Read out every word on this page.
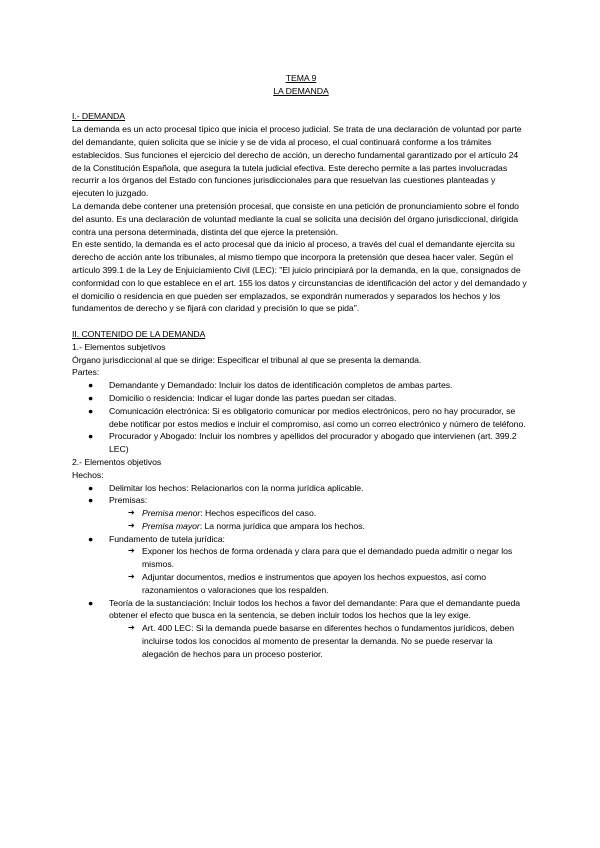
TEMA 9
LA DEMANDA
I.- DEMANDA

La demanda es un acto procesal típico que inicia el proceso judicial. Se trata de una declaración de voluntad por parte del demandante, quien solicita que se inicie y se de vida al proceso, el cual continuará conforme a los trámites establecidos. Sus funciones el ejercicio del derecho de acción, un derecho fundamental garantizado por el artículo 24 de la Constitución Española, que asegura la tutela judicial efectiva. Este derecho permite a las partes involucradas recurrir a los órganos del Estado con funciones jurisdiccionales para que resuelvan las cuestiones planteadas y ejecuten lo juzgado.

La demanda debe contener una pretensión procesal, que consiste en una petición de pronunciamiento sobre el fondo del asunto. Es una declaración de voluntad mediante la cual se solicita una decisión del órgano jurisdiccional, dirigida contra una persona determinada, distinta del que ejerce la pretensión.

En este sentido, la demanda es el acto procesal que da inicio al proceso, a través del cual el demandante ejercita su derecho de acción ante los tribunales, al mismo tiempo que incorpora la pretensión que desea hacer valer. Según el artículo 399.1 de la Ley de Enjuiciamiento Civil (LEC): "El juicio principiará por la demanda, en la que, consignados de conformidad con lo que establece en el art. 155 los datos y circunstancias de identificación del actor y del demandado y el domicilio o residencia en que pueden ser emplazados, se expondrán numerados y separados los hechos y los fundamentos de derecho y se fijará con claridad y precisión lo que se pida".

II. CONTENIDO DE LA DEMANDA
1.- Elementos subjetivos
Órgano jurisdiccional al que se dirige: Especificar el tribunal al que se presenta la demanda.
Partes:
● Demandante y Demandado: Incluir los datos de identificación completos de ambas partes.
● Domicilio o residencia: Indicar el lugar donde las partes puedan ser citadas.
● Comunicación electrónica: Si es obligatorio comunicar por medios electrónicos, pero no hay procurador, se debe notificar por estos medios e incluir el compromiso, así como un correo electrónico y número de teléfono.
● Procurador y Abogado: Incluir los nombres y apellidos del procurador y abogado que intervienen (art. 399.2 LEC)
2.- Elementos objetivos
Hechos:
● Delimitar los hechos: Relacionarlos con la norma jurídica aplicable.
● Premisas:
➔ Premisa menor: Hechos específicos del caso.
➔ Premisa mayor: La norma jurídica que ampara los hechos.
● Fundamento de tutela jurídica:
➔ Exponer los hechos de forma ordenada y clara para que el demandado pueda admitir o negar los mismos.
➔ Adjuntar documentos, medios e instrumentos que apoyen los hechos expuestos, así como razonamientos o valoraciones que los respalden.
● Teoría de la sustanciación: Incluir todos los hechos a favor del demandante: Para que el demandante pueda obtener el efecto que busca en la sentencia, se deben incluir todos los hechos que la ley exige.
➔ Art. 400 LEC: Si la demanda puede basarse en diferentes hechos o fundamentos jurídicos, deben incluirse todos los conocidos al momento de presentar la demanda. No se puede reservar la alegación de hechos para un proceso posterior.
